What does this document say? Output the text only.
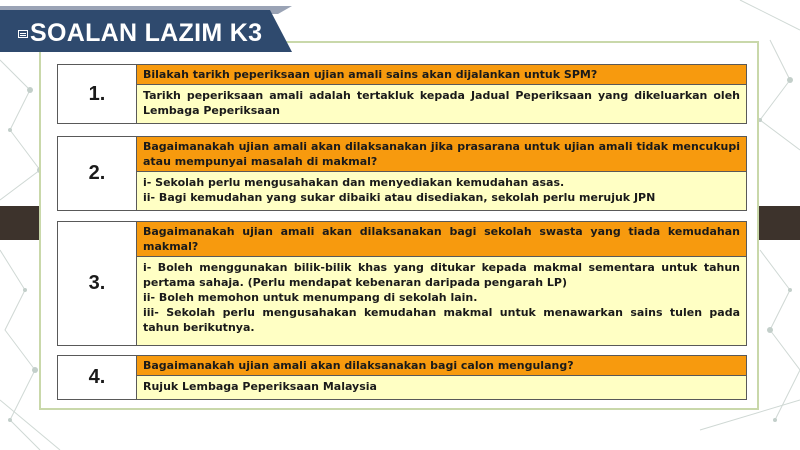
SOALAN LAZIM K3
1.
Bilakah tarikh peperiksaan ujian amali sains akan dijalankan untuk SPM?
Tarikh peperiksaan amali adalah tertakluk kepada Jadual Peperiksaan yang dikeluarkan oleh Lembaga Peperiksaan
2.
Bagaimanakah ujian amali akan dilaksanakan jika prasarana untuk ujian amali tidak mencukupi atau mempunyai masalah di makmal?
i- Sekolah perlu mengusahakan dan menyediakan kemudahan asas.
ii- Bagi kemudahan yang sukar dibaiki atau disediakan, sekolah perlu merujuk JPN
3.
Bagaimanakah ujian amali akan dilaksanakan bagi sekolah swasta yang tiada kemudahan makmal?
i- Boleh menggunakan bilik-bilik khas yang ditukar kepada makmal sementara untuk tahun pertama sahaja. (Perlu mendapat kebenaran daripada pengarah LP)
ii- Boleh memohon untuk menumpang di sekolah lain.
iii- Sekolah perlu mengusahakan kemudahan makmal untuk menawarkan sains tulen pada tahun berikutnya.
4.
Bagaimanakah ujian amali akan dilaksanakan bagi calon mengulang?
Rujuk Lembaga Peperiksaan Malaysia
